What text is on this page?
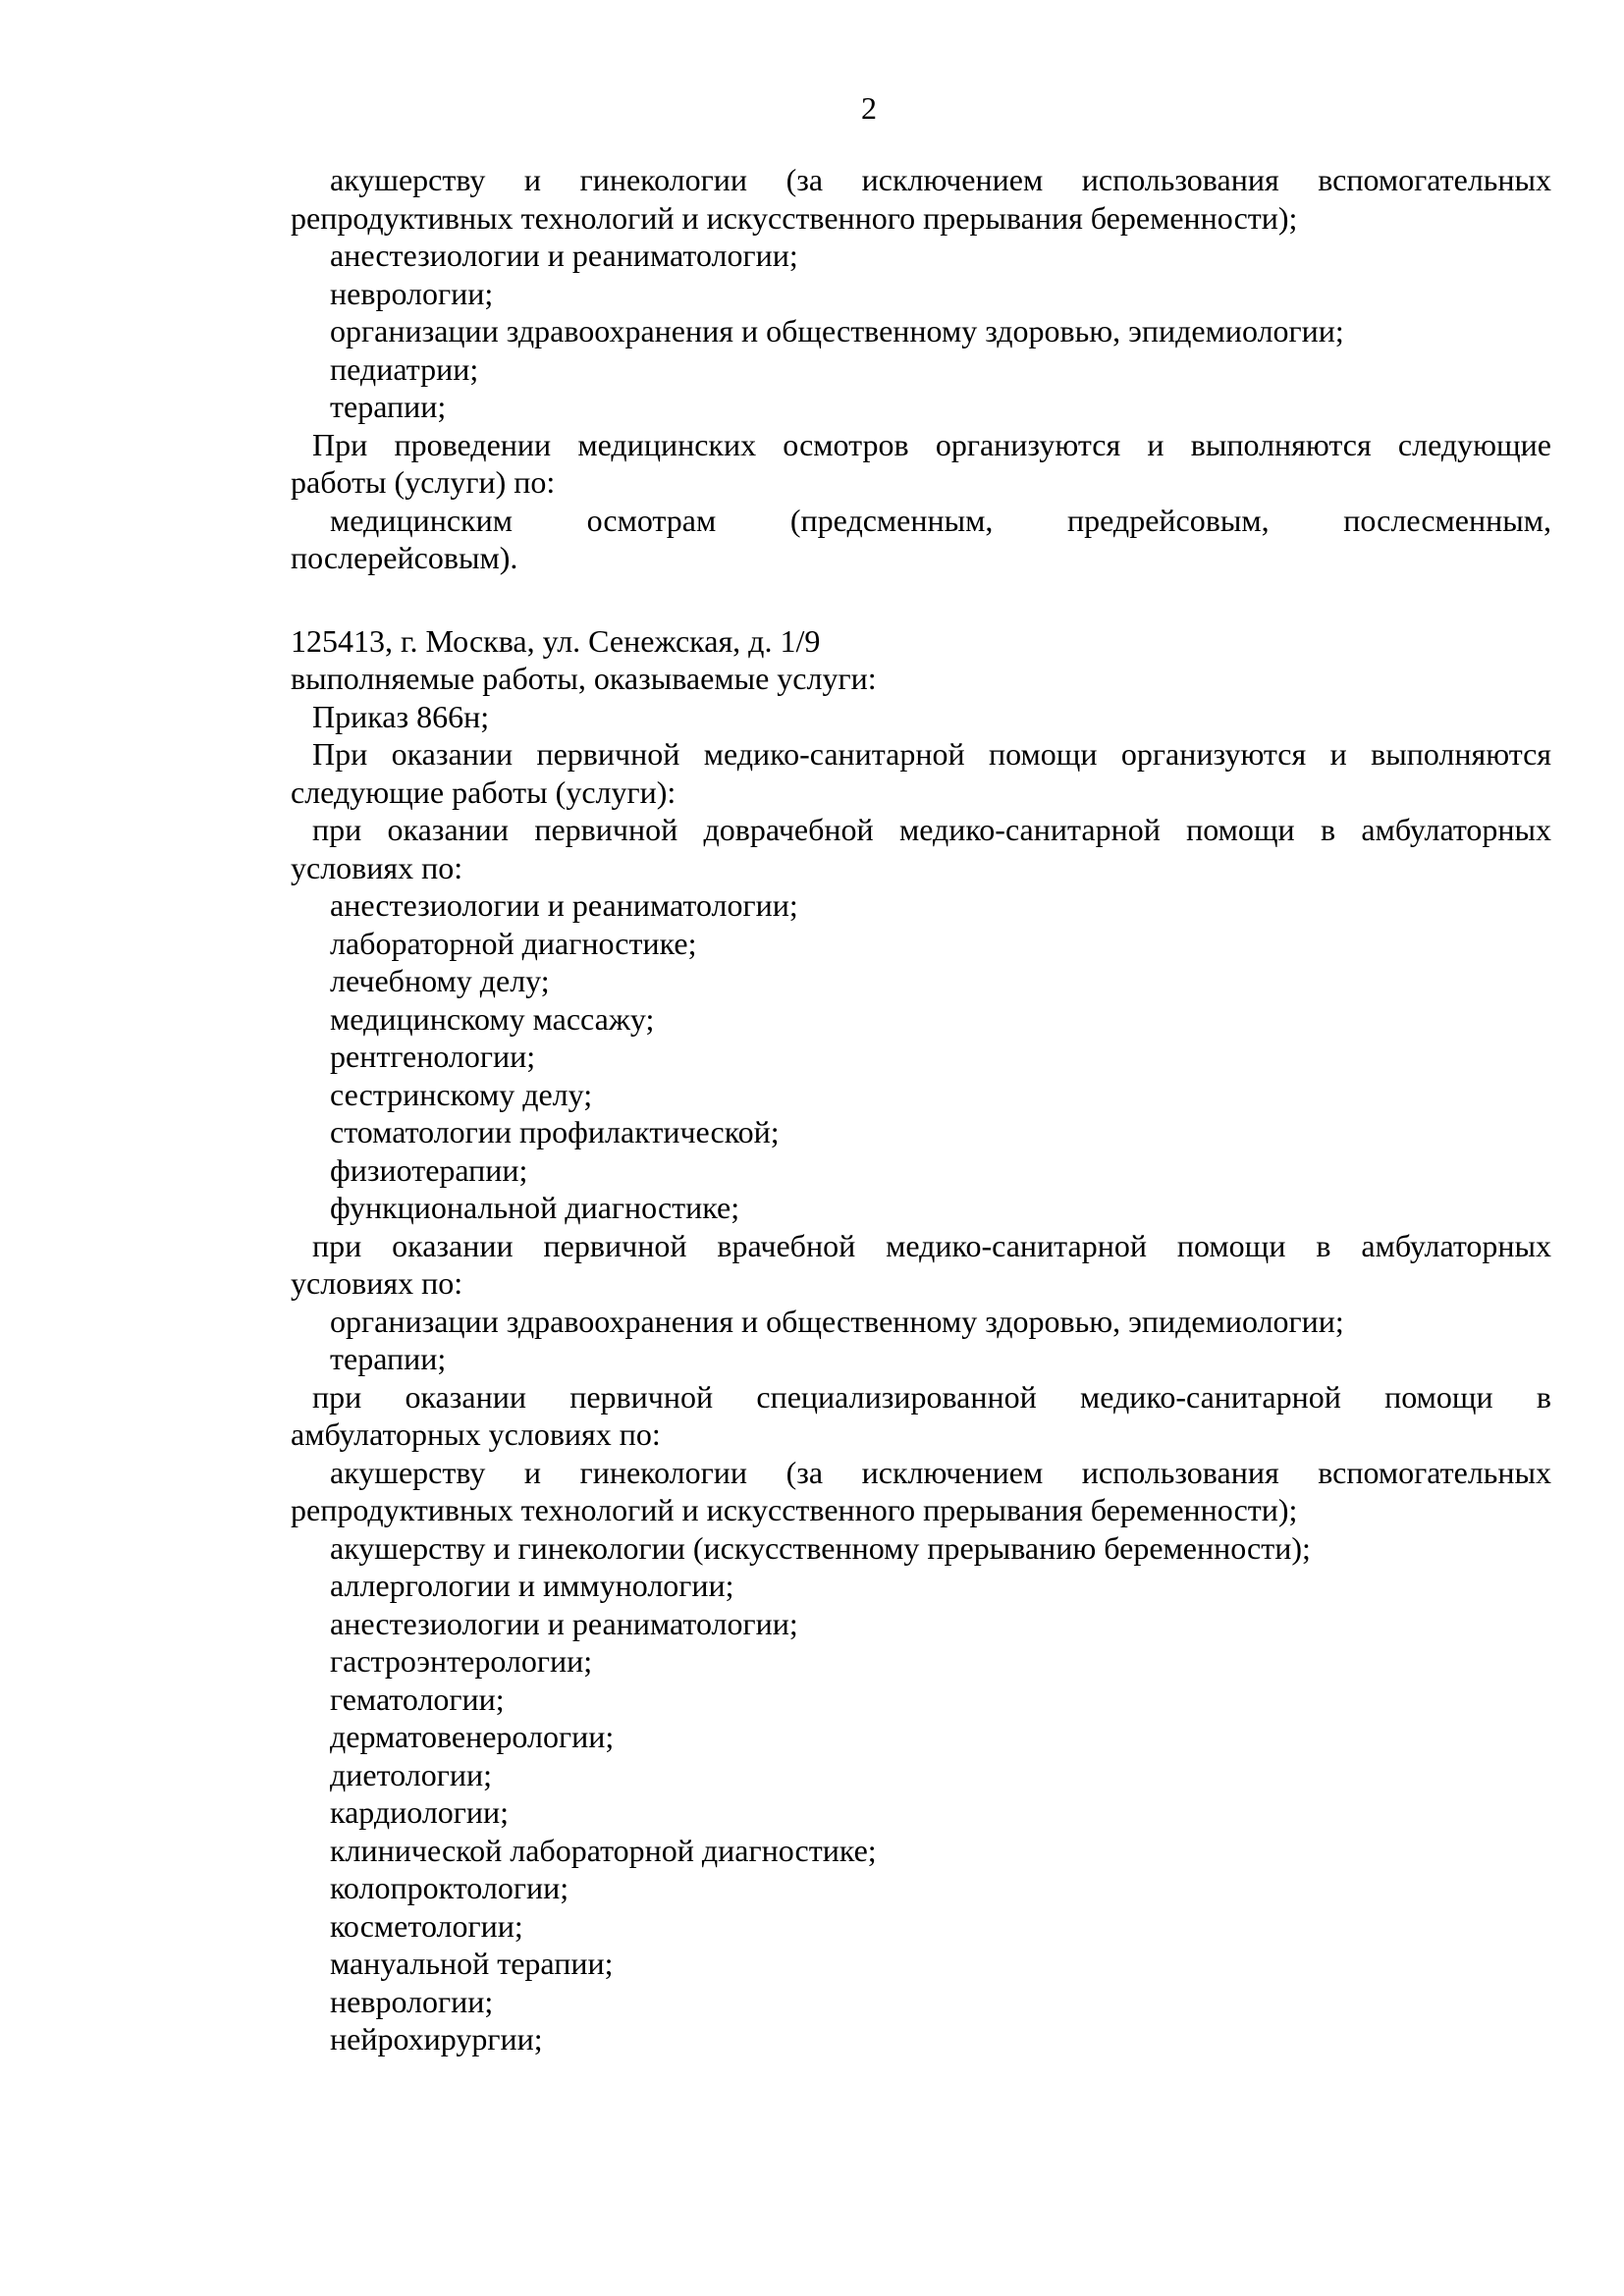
2
акушерству и гинекологии (за исключением использования вспомогательных
репродуктивных технологий и искусственного прерывания беременности);
анестезиологии и реаниматологии;
неврологии;
организации здравоохранения и общественному здоровью, эпидемиологии;
педиатрии;
терапии;
При проведении медицинских осмотров организуются и выполняются следующие
работы (услуги) по:
медицинским осмотрам (предсменным, предрейсовым, послесменным,
послерейсовым).
125413, г. Москва, ул. Сенежская, д. 1/9
выполняемые работы, оказываемые услуги:
Приказ 866н;
При оказании первичной медико-санитарной помощи организуются и выполняются
следующие работы (услуги):
при оказании первичной доврачебной медико-санитарной помощи в амбулаторных
условиях по:
анестезиологии и реаниматологии;
лабораторной диагностике;
лечебному делу;
медицинскому массажу;
рентгенологии;
сестринскому делу;
стоматологии профилактической;
физиотерапии;
функциональной диагностике;
при оказании первичной врачебной медико-санитарной помощи в амбулаторных
условиях по:
организации здравоохранения и общественному здоровью, эпидемиологии;
терапии;
при оказании первичной специализированной медико-санитарной помощи в
амбулаторных условиях по:
акушерству и гинекологии (за исключением использования вспомогательных
репродуктивных технологий и искусственного прерывания беременности);
акушерству и гинекологии (искусственному прерыванию беременности);
аллергологии и иммунологии;
анестезиологии и реаниматологии;
гастроэнтерологии;
гематологии;
дерматовенерологии;
диетологии;
кардиологии;
клинической лабораторной диагностике;
колопроктологии;
косметологии;
мануальной терапии;
неврологии;
нейрохирургии;
